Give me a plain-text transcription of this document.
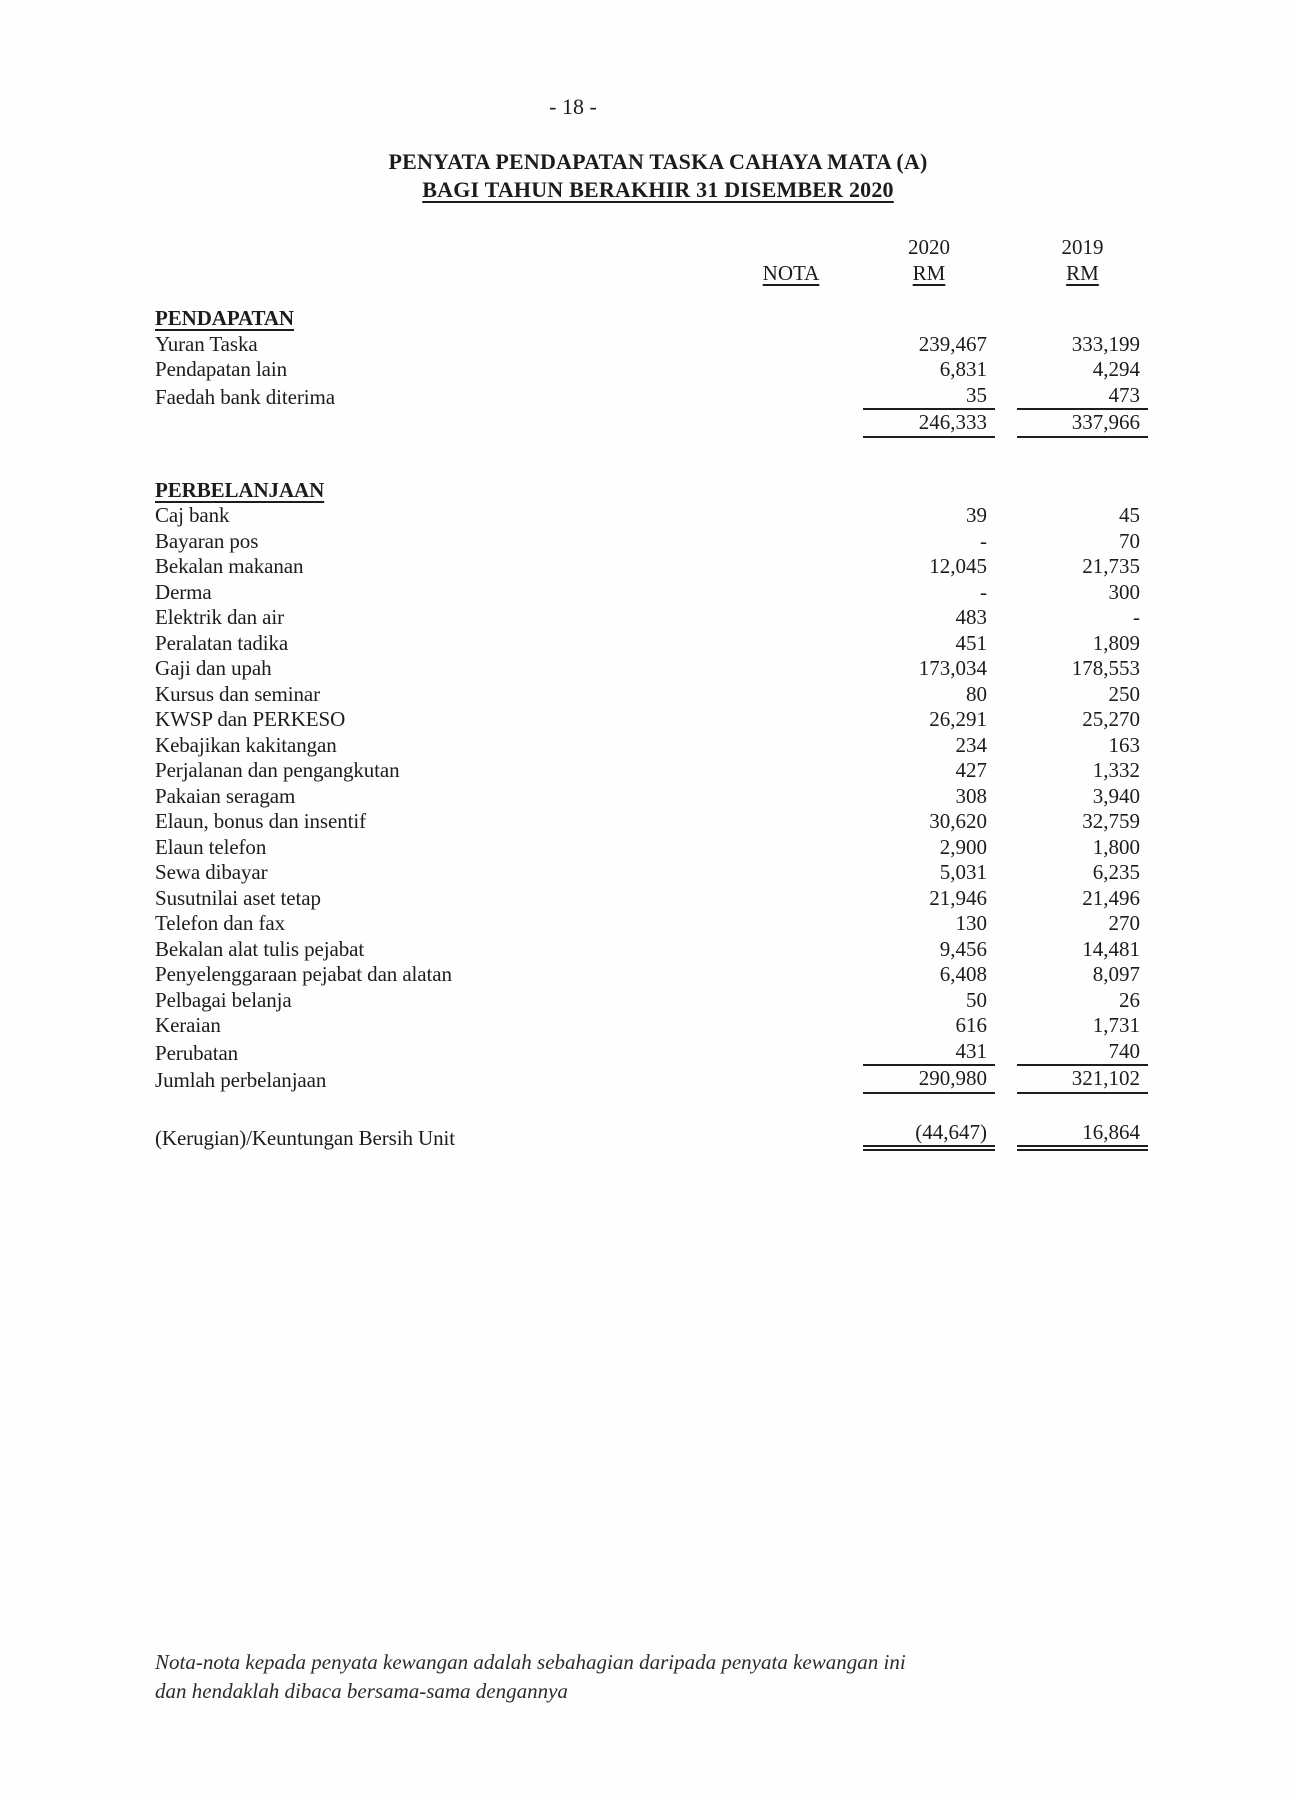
- 18 -
PENYATA PENDAPATAN TASKA CAHAYA MATA (A)
BAGI TAHUN BERAKHIR 31 DISEMBER 2020
2020	2019
NOTA	RM	RM
PENDAPATAN
Yuran Taska	239,467	333,199
Pendapatan lain	6,831	4,294
Faedah bank diterima	35	473
246,333	337,966
PERBELANJAAN
Caj bank	39	45
Bayaran pos	-	70
Bekalan makanan	12,045	21,735
Derma	-	300
Elektrik dan air	483	-
Peralatan tadika	451	1,809
Gaji dan upah	173,034	178,553
Kursus dan seminar	80	250
KWSP dan PERKESO	26,291	25,270
Kebajikan kakitangan	234	163
Perjalanan dan pengangkutan	427	1,332
Pakaian seragam	308	3,940
Elaun, bonus dan insentif	30,620	32,759
Elaun telefon	2,900	1,800
Sewa dibayar	5,031	6,235
Susutnilai aset tetap	21,946	21,496
Telefon dan fax	130	270
Bekalan alat tulis pejabat	9,456	14,481
Penyelenggaraan pejabat dan alatan	6,408	8,097
Pelbagai belanja	50	26
Keraian	616	1,731
Perubatan	431	740
Jumlah perbelanjaan	290,980	321,102
(Kerugian)/Keuntungan Bersih Unit	(44,647)	16,864
Nota-nota kepada penyata kewangan adalah sebahagian daripada penyata kewangan ini
dan hendaklah dibaca bersama-sama dengannya
